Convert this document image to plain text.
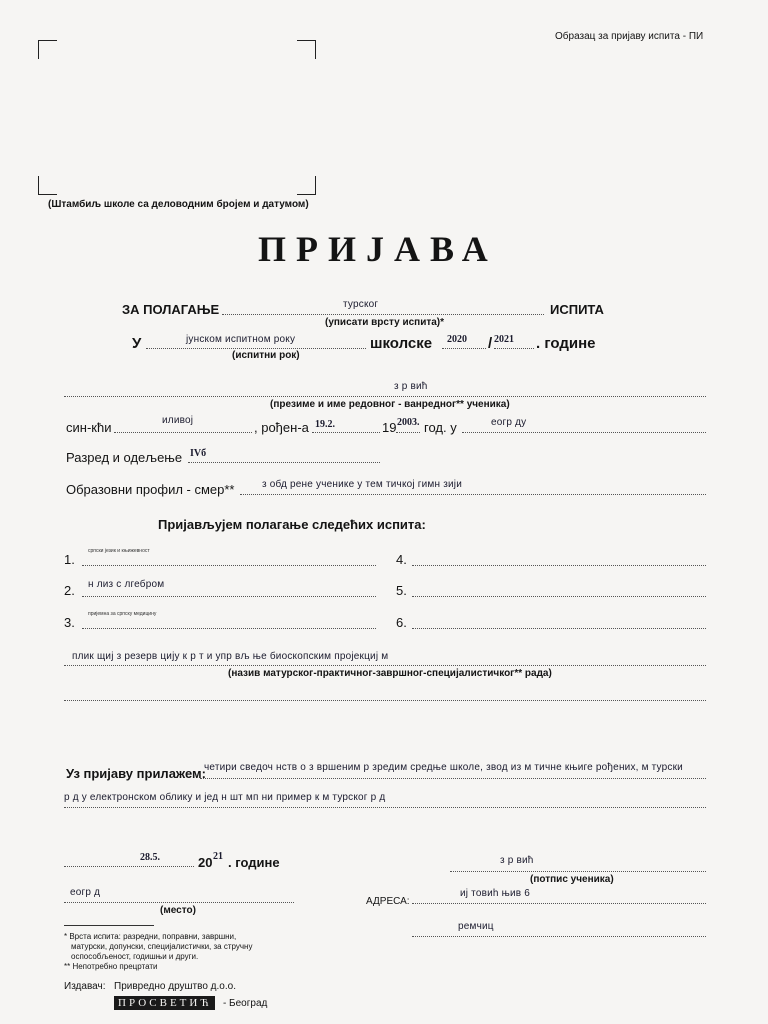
Образац за пријаву испита - ПИ
(Штамбиљ школе са деловодним бројем и датумом)
ПРИЈАВА
ЗА ПОЛАГАЊЕ	турског	ИСПИТА
(уписати врсту испита)*
У	јунском испитном року
(испитни рок)
школске 2020 / 2021 . године
з р вић
(презиме и име редовног - ванредног** ученика)
син-кћи	иливој	, рођен-а 19.2.	19 2003. год. у	еогр ду
Разред и одељење IVб
Образовни профил - смер**	з обд рене ученике у тем тичкој гимн зији
Пријављујем полагање следећих испита:
1.
српски језик и књижевност
2. н лиз с лгебром
3.
пријемна за српску медицину
4.
5.
6.
плик щиј з резерв цију к р т и упр вљ ње биоскопским пројекциј м
(назив матурског-практичног-завршног-специјалистичког** рада)
Уз пријаву прилажем:
четири сведоч нств о з вршеним р зредим средње школе, звод из м тичне књиге рођених, м турски
р д у електронском облику и јед н шт мп ни пример к м турског р д
28.5.	20 21 . године	з р вић
(потпис ученика)
еогр д
(место)
АДРЕСА:
иј товиһ њив 6
ремчиц
* Врста испита: разредни, поправни, завршни,
матурски, допунски, специјалистички, за стручну
оспособљеност, годишњи и други.
** Непотребно прецртати
Издавач: Привредно друштво д.о.о.
ПРОСВЕТИЋ - Београд
